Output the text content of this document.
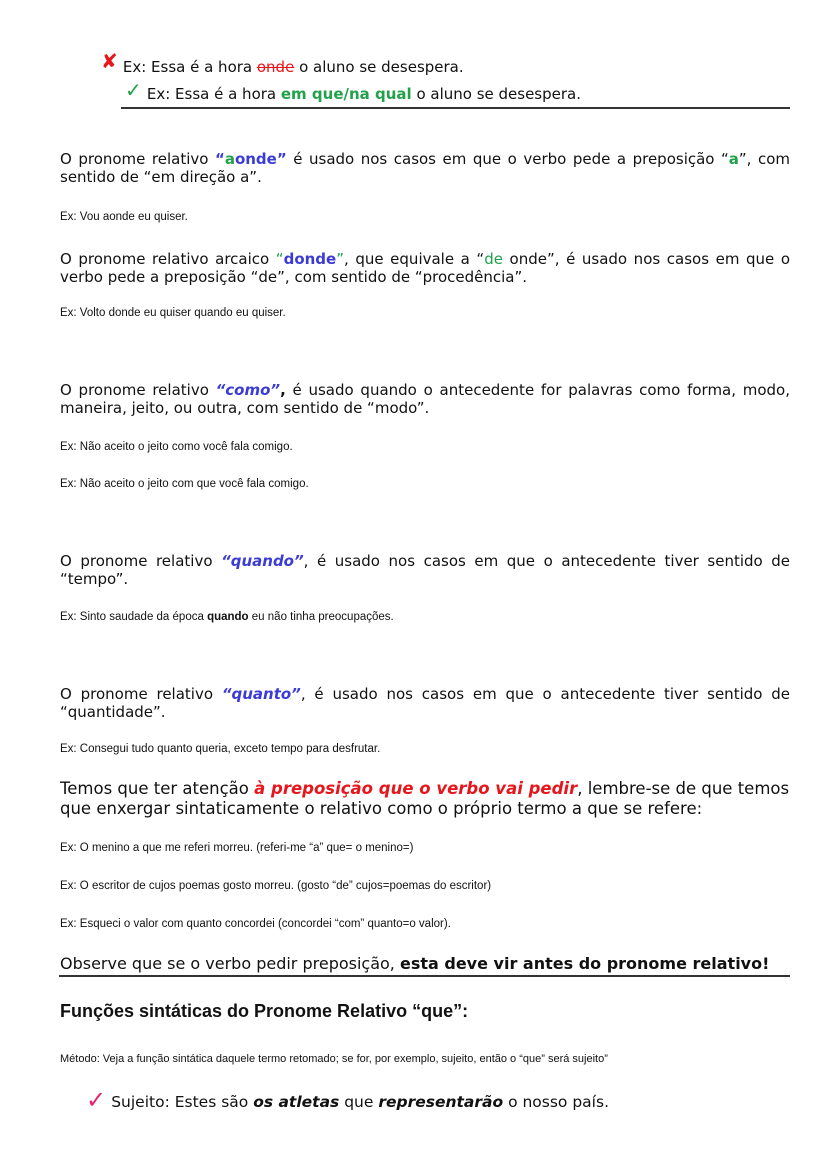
✘ Ex: Essa é a hora onde o aluno se desespera.
✓ Ex: Essa é a hora em que/na qual o aluno se desespera.
O pronome relativo “aonde” é usado nos casos em que o verbo pede a preposição “a”, com sentido de “em direção a”.
Ex: Vou aonde eu quiser.
O pronome relativo arcaico “donde”, que equivale a “de onde”, é usado nos casos em que o verbo pede a preposição “de”, com sentido de “procedência”.
Ex: Volto donde eu quiser quando eu quiser.
O pronome relativo “como”, é usado quando o antecedente for palavras como forma, modo, maneira, jeito, ou outra, com sentido de “modo”.
Ex: Não aceito o jeito como você fala comigo.
Ex: Não aceito o jeito com que você fala comigo.
O pronome relativo “quando”, é usado nos casos em que o antecedente tiver sentido de “tempo”.
Ex: Sinto saudade da época quando eu não tinha preocupações.
O pronome relativo “quanto”, é usado nos casos em que o antecedente tiver sentido de “quantidade”.
Ex: Consegui tudo quanto queria, exceto tempo para desfrutar.
Temos que ter atenção à preposição que o verbo vai pedir, lembre-se de que temos que enxergar sintaticamente o relativo como o próprio termo a que se refere:
Ex: O menino a que me referi morreu. (referi-me “a” que= o menino=)
Ex: O escritor de cujos poemas gosto morreu. (gosto “de” cujos=poemas do escritor)
Ex: Esqueci o valor com quanto concordei (concordei “com” quanto=o valor).
Observe que se o verbo pedir preposição, esta deve vir antes do pronome relativo!
Funções sintáticas do Pronome Relativo “que”:
Método: Veja a função sintática daquele termo retomado; se for, por exemplo, sujeito, então o “que” será sujeito”
✓ Sujeito: Estes são os atletas que representarão o nosso país.
